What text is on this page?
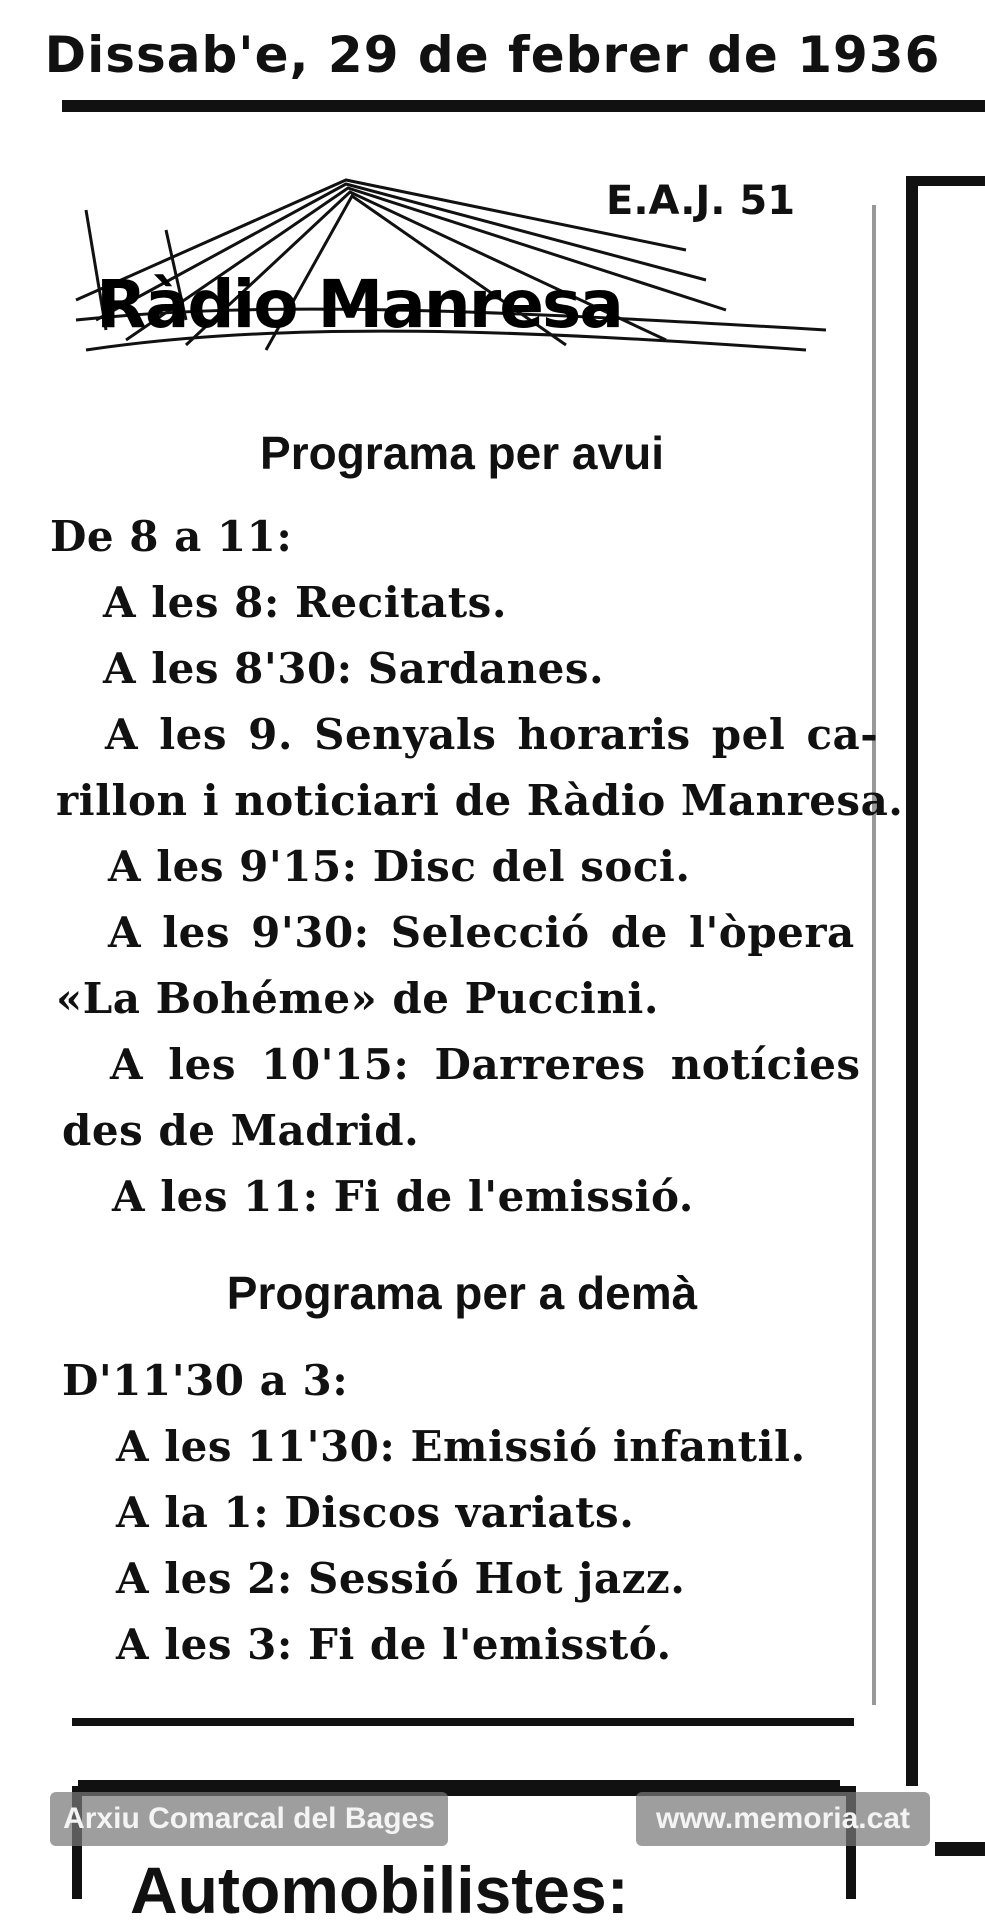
Dissab'e, 29 de febrer de 1936
E.A.J. 51
Ràdio Manresa
Programa per avui
De 8 a 11:
A les 8: Recitats.
A les 8'30: Sardanes.
A les 9. Senyals horaris pel ca-
rillon i noticiari de Ràdio Manresa.
A les 9'15: Disc del soci.
A les 9'30: Selecció de l'òpera
«La Bohéme» de Puccini.
A les 10'15: Darreres notícies
des de Madrid.
A les 11: Fi de l'emissió.
Programa per a demà
D'11'30 a 3:
A les 11'30: Emissió infantil.
A la 1: Discos variats.
A les 2: Sessió Hot jazz.
A les 3: Fi de l'emisstó.
Automobilistes:
Arxiu Comarcal del Bages	www.memoria.cat
